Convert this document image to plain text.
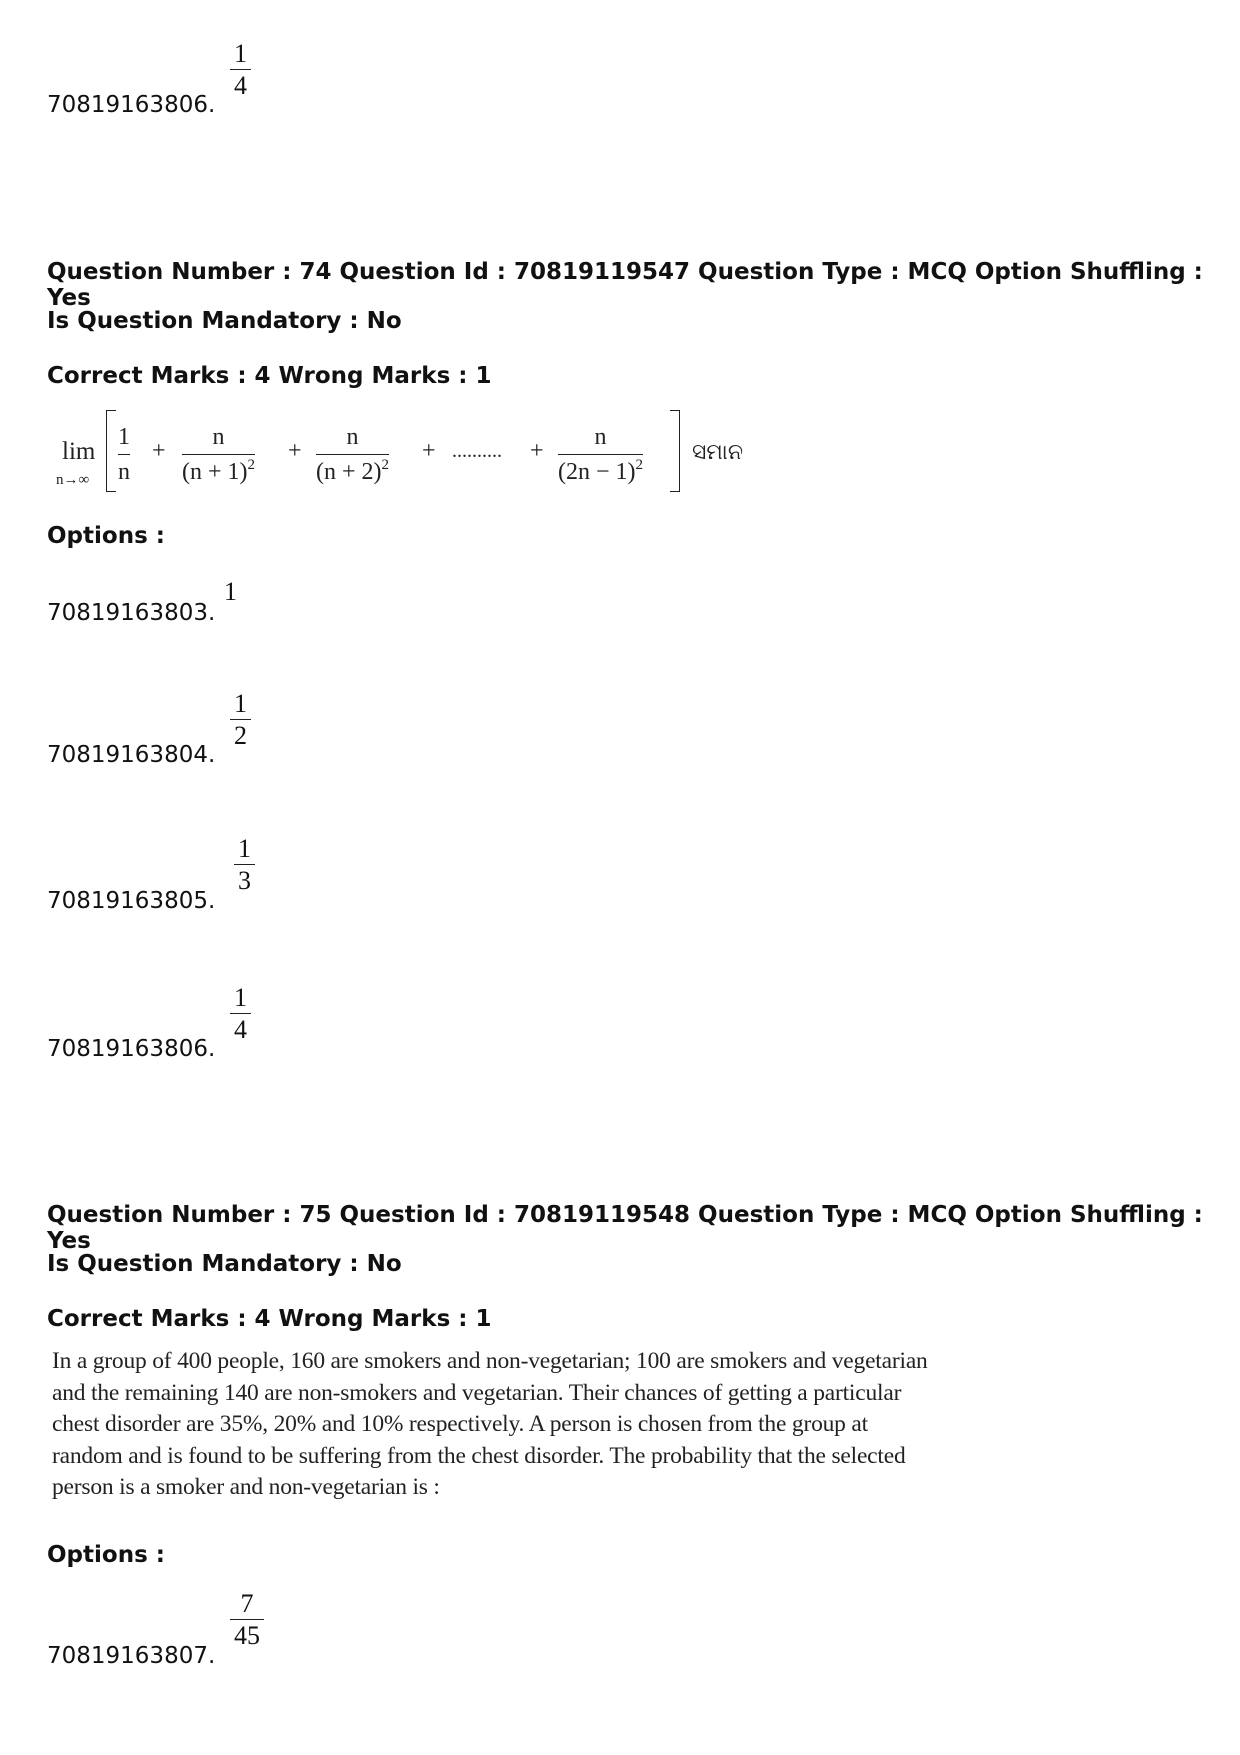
70819163806.
1
4
Question Number : 74 Question Id : 70819119547 Question Type : MCQ Option Shuffling : Yes
Is Question Mandatory : No
Correct Marks : 4 Wrong Marks : 1
lim
n→∞
1
n
+
n
$(n + 1)^2$
+
n
$(n + 2)^2$
+ .......... +
n
$(2n - 1)^2$
ସମାନ
Options :
70819163803.
1
70819163804.
1
2
70819163805.
1
3
70819163806.
1
4
Question Number : 75 Question Id : 70819119548 Question Type : MCQ Option Shuffling : Yes
Is Question Mandatory : No
Correct Marks : 4 Wrong Marks : 1
In a group of 400 people, 160 are smokers and non-vegetarian; 100 are smokers and vegetarian
and the remaining 140 are non-smokers and vegetarian. Their chances of getting a particular
chest disorder are 35%, 20% and 10% respectively. A person is chosen from the group at
random and is found to be suffering from the chest disorder. The probability that the selected
person is a smoker and non-vegetarian is :
Options :
70819163807.
7
45
